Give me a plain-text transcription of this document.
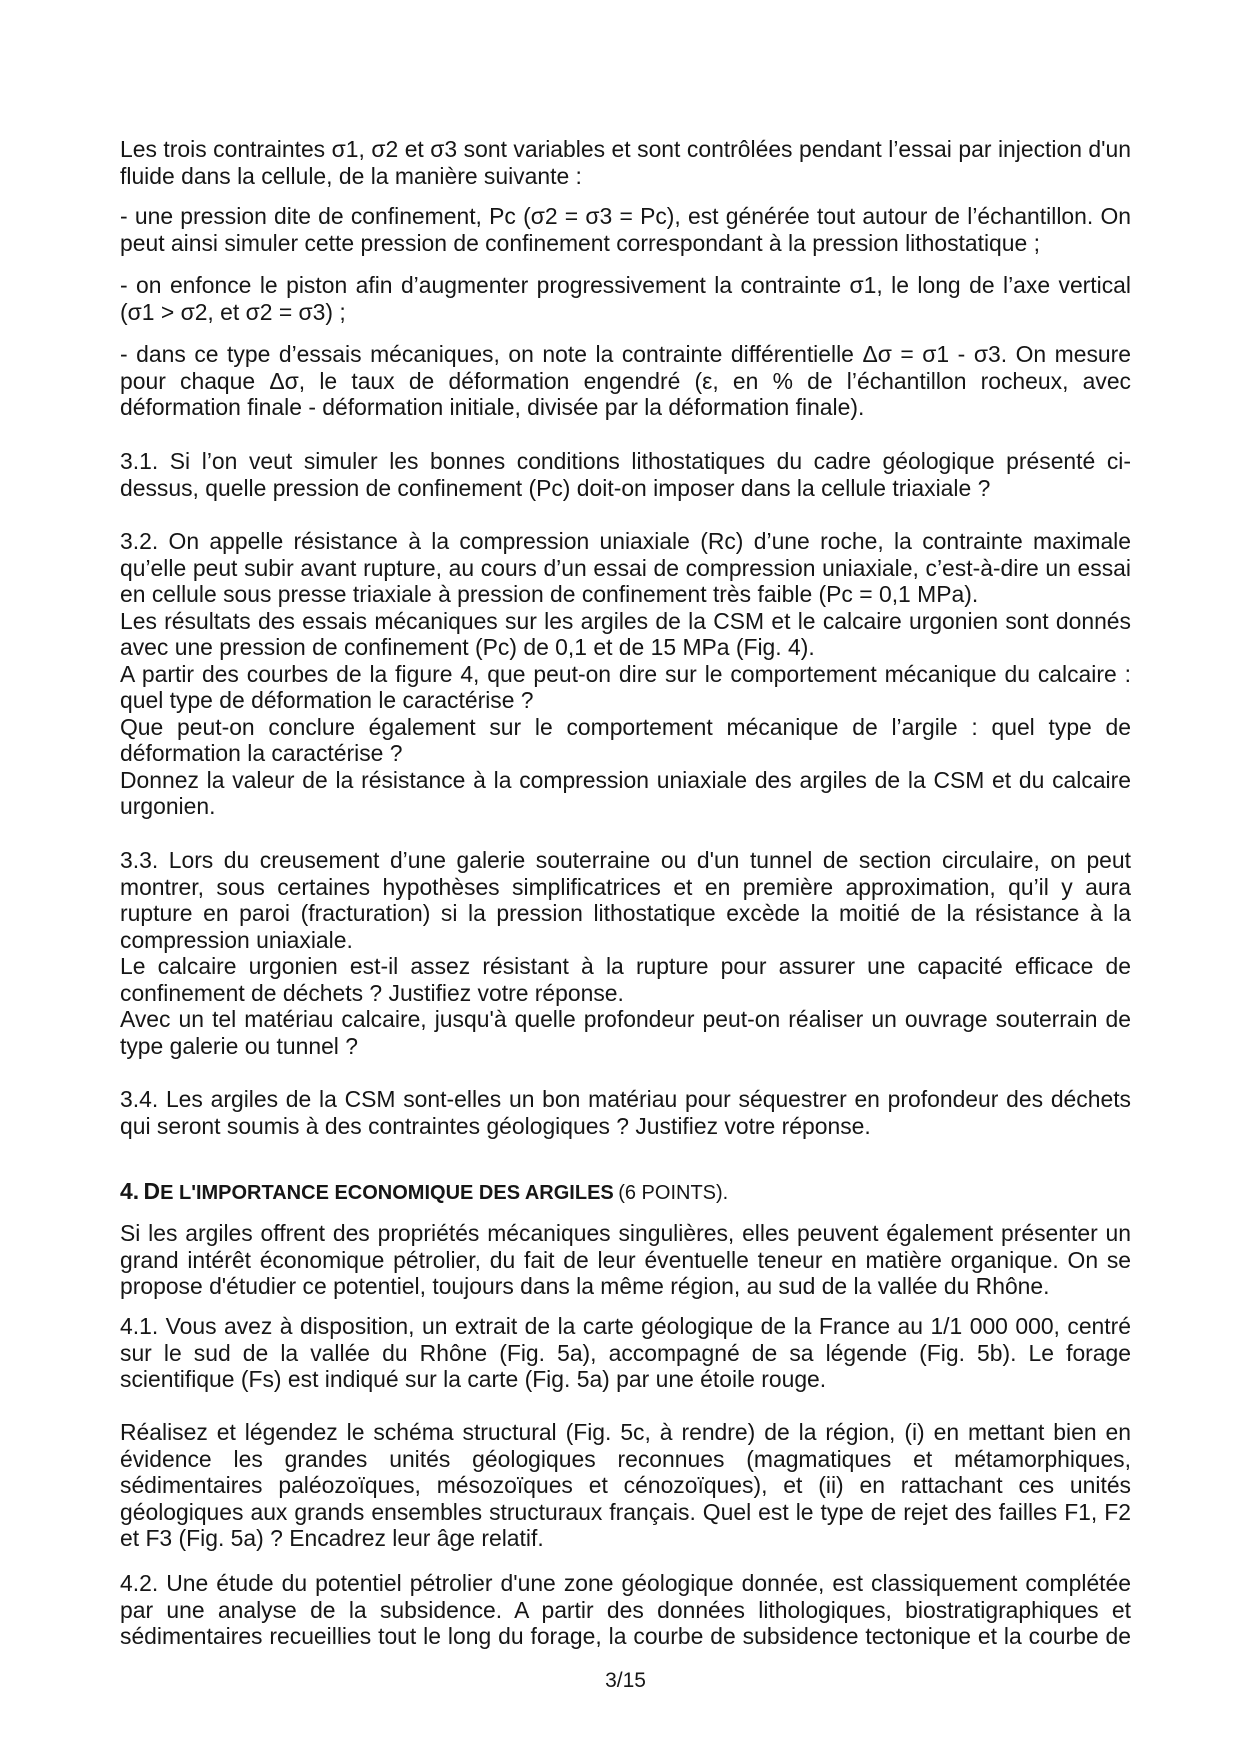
Les trois contraintes σ1, σ2 et σ3 sont variables et sont contrôlées pendant l’essai par injection d'un fluide dans la cellule, de la manière suivante :

- une pression dite de confinement, Pc (σ2 = σ3 = Pc), est générée tout autour de l’échantillon. On peut ainsi simuler cette pression de confinement correspondant à la pression lithostatique ;

- on enfonce le piston afin d’augmenter progressivement la contrainte σ1, le long de l’axe vertical (σ1 > σ2, et σ2 = σ3) ;

- dans ce type d’essais mécaniques, on note la contrainte différentielle Δσ = σ1 - σ3. On mesure pour chaque Δσ, le taux de déformation engendré (ε, en % de l’échantillon rocheux, avec déformation finale - déformation initiale, divisée par la déformation finale).

3.1. Si l’on veut simuler les bonnes conditions lithostatiques du cadre géologique présenté ci-dessus, quelle pression de confinement (Pc) doit-on imposer dans la cellule triaxiale ?

3.2. On appelle résistance à la compression uniaxiale (Rc) d’une roche, la contrainte maximale qu’elle peut subir avant rupture, au cours d’un essai de compression uniaxiale, c’est-à-dire un essai en cellule sous presse triaxiale à pression de confinement très faible (Pc = 0,1 MPa).
Les résultats des essais mécaniques sur les argiles de la CSM et le calcaire urgonien sont donnés avec une pression de confinement (Pc) de 0,1 et de 15 MPa (Fig. 4).
A partir des courbes de la figure 4, que peut-on dire sur le comportement mécanique du calcaire : quel type de déformation le caractérise ?
Que peut-on conclure également sur le comportement mécanique de l’argile : quel type de déformation la caractérise ?
Donnez la valeur de la résistance à la compression uniaxiale des argiles de la CSM et du calcaire urgonien.
3.3. Lors du creusement d’une galerie souterraine ou d'un tunnel de section circulaire, on peut montrer, sous certaines hypothèses simplificatrices et en première approximation, qu’il y aura rupture en paroi (fracturation) si la pression lithostatique excède la moitié de la résistance à la compression uniaxiale.
Le calcaire urgonien est-il assez résistant à la rupture pour assurer une capacité efficace de confinement de déchets ? Justifiez votre réponse.
Avec un tel matériau calcaire, jusqu'à quelle profondeur peut-on réaliser un ouvrage souterrain de type galerie ou tunnel ?

3.4. Les argiles de la CSM sont-elles un bon matériau pour séquestrer en profondeur des déchets qui seront soumis à des contraintes géologiques ? Justifiez votre réponse.

4. DE L'IMPORTANCE ECONOMIQUE DES ARGILES (6 POINTS).

Si les argiles offrent des propriétés mécaniques singulières, elles peuvent également présenter un grand intérêt économique pétrolier, du fait de leur éventuelle teneur en matière organique. On se propose d'étudier ce potentiel, toujours dans la même région, au sud de la vallée du Rhône.

4.1. Vous avez à disposition, un extrait de la carte géologique de la France au 1/1 000 000, centré sur le sud de la vallée du Rhône (Fig. 5a), accompagné de sa légende (Fig. 5b). Le forage scientifique (Fs) est indiqué sur la carte (Fig. 5a) par une étoile rouge.

Réalisez et légendez le schéma structural (Fig. 5c, à rendre) de la région, (i) en mettant bien en évidence les grandes unités géologiques reconnues (magmatiques et métamorphiques, sédimentaires paléozoïques, mésozoïques et cénozoïques), et (ii) en rattachant ces unités géologiques aux grands ensembles structuraux français. Quel est le type de rejet des failles F1, F2 et F3 (Fig. 5a) ? Encadrez leur âge relatif.

4.2. Une étude du potentiel pétrolier d'une zone géologique donnée, est classiquement complétée par une analyse de la subsidence. A partir des données lithologiques, biostratigraphiques et sédimentaires recueillies tout le long du forage, la courbe de subsidence tectonique et la courbe de

3/15
